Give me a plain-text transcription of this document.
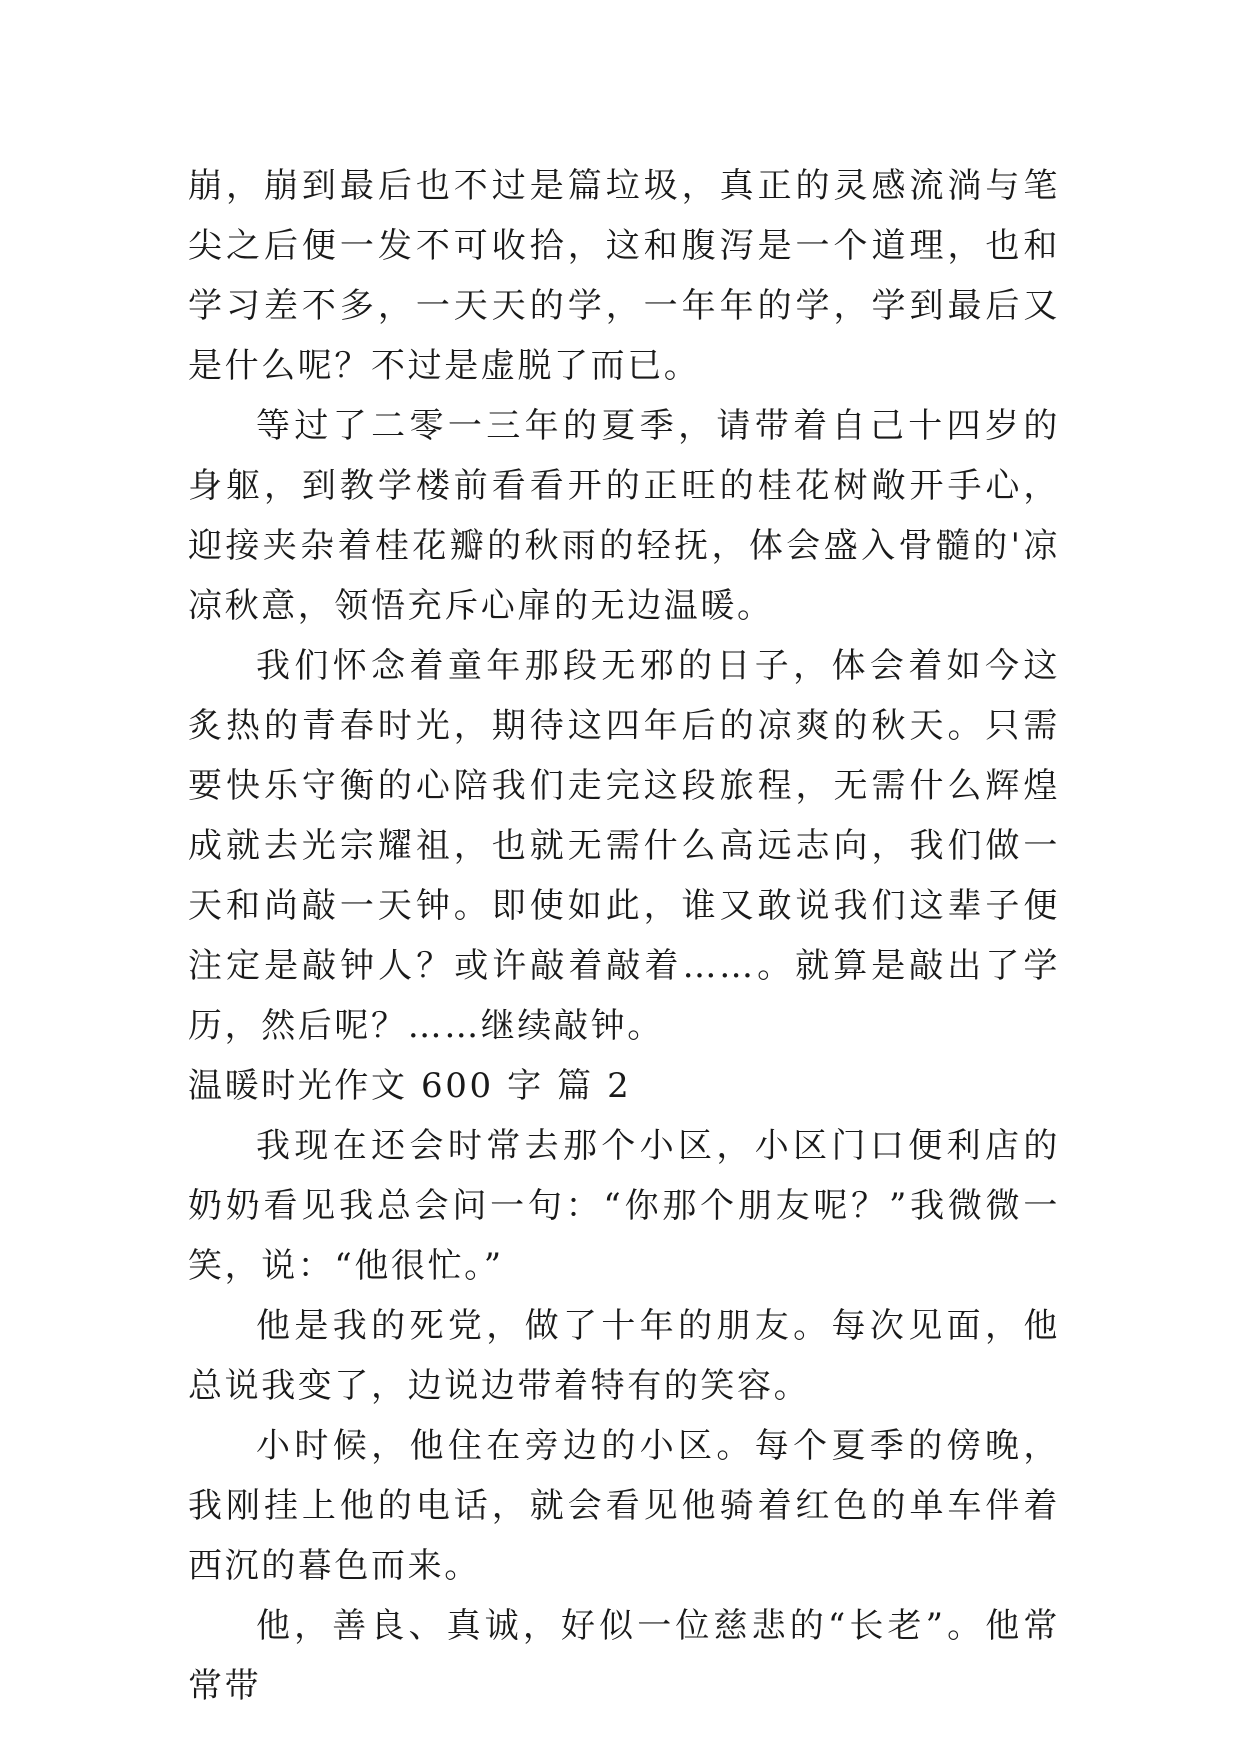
崩，崩到最后也不过是篇垃圾，真正的灵感流淌与笔尖之后便一发不可收拾，这和腹泻是一个道理，也和学习差不多，一天天的学，一年年的学，学到最后又是什么呢？不过是虚脱了而已。

等过了二零一三年的夏季，请带着自己十四岁的身躯，到教学楼前看看开的正旺的桂花树敞开手心，迎接夹杂着桂花瓣的秋雨的轻抚，体会盛入骨髓的'凉凉秋意，领悟充斥心扉的无边温暖。

我们怀念着童年那段无邪的日子，体会着如今这炙热的青春时光，期待这四年后的凉爽的秋天。只需要快乐守衡的心陪我们走完这段旅程，无需什么辉煌成就去光宗耀祖，也就无需什么高远志向，我们做一天和尚敲一天钟。即使如此，谁又敢说我们这辈子便注定是敲钟人？或许敲着敲着……。就算是敲出了学历，然后呢？……继续敲钟。

温暖时光作文 600 字 篇 2

我现在还会时常去那个小区，小区门口便利店的奶奶看见我总会问一句：“你那个朋友呢？”我微微一笑，说：“他很忙。”

他是我的死党，做了十年的朋友。每次见面，他总说我变了，边说边带着特有的笑容。

小时候，他住在旁边的小区。每个夏季的傍晚，我刚挂上他的电话，就会看见他骑着红色的单车伴着西沉的暮色而来。

他，善良、真诚，好似一位慈悲的“长老”。他常常带
